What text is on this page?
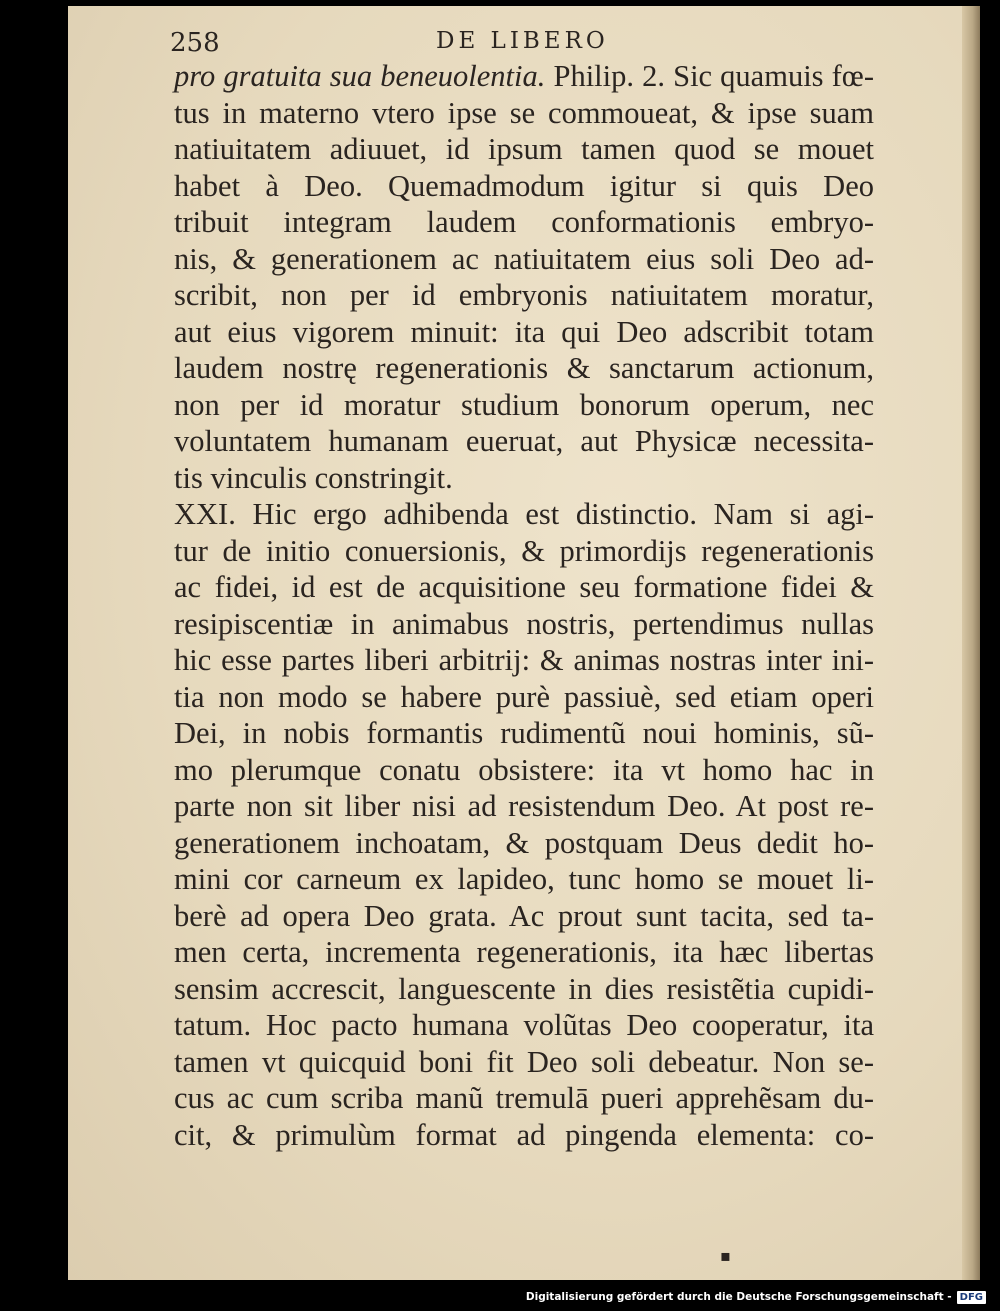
258	DE LIBERO
pro gratuita sua beneuolentia. Philip. 2. Sic quamuis fœ-
tus in materno vtero ipse se commoueat, & ipse suam
natiuitatem adiuuet, id ipsum tamen quod se mouet
habet à Deo. Quemadmodum igitur si quis Deo
tribuit integram laudem conformationis embryo-
nis, & generationem ac natiuitatem eius soli Deo ad-
scribit, non per id embryonis natiuitatem moratur,
aut eius vigorem minuit: ita qui Deo adscribit totam
laudem nostrę regenerationis & sanctarum actionum,
non per id moratur studium bonorum operum, nec
voluntatem humanam eueruat, aut Physicæ necessita-
tis vinculis constringit.
XXI. Hic ergo adhibenda est distinctio. Nam si agi-
tur de initio conuersionis, & primordijs regenerationis
ac fidei, id est de acquisitione seu formatione fidei &
resipiscentiæ in animabus nostris, pertendimus nullas
hic esse partes liberi arbitrij: & animas nostras inter ini-
tia non modo se habere purè passiuè, sed etiam operi
Dei, in nobis formantis rudimentũ noui hominis, sũ-
mo plerumque conatu obsistere: ita vt homo hac in
parte non sit liber nisi ad resistendum Deo. At post re-
generationem inchoatam, & postquam Deus dedit ho-
mini cor carneum ex lapideo, tunc homo se mouet li-
berè ad opera Deo grata. Ac prout sunt tacita, sed ta-
men certa, incrementa regenerationis, ita hæc libertas
sensim accrescit, languescente in dies resistẽtia cupidi-
tatum. Hoc pacto humana volũtas Deo cooperatur, ita
tamen vt quicquid boni fit Deo soli debeatur. Non se-
cus ac cum scriba manũ tremulā pueri apprehẽsam du-
cit, & primulùm format ad pingenda elementa: co-
▪
Digitalisierung gefördert durch die Deutsche Forschungsgemeinschaft - DFG
